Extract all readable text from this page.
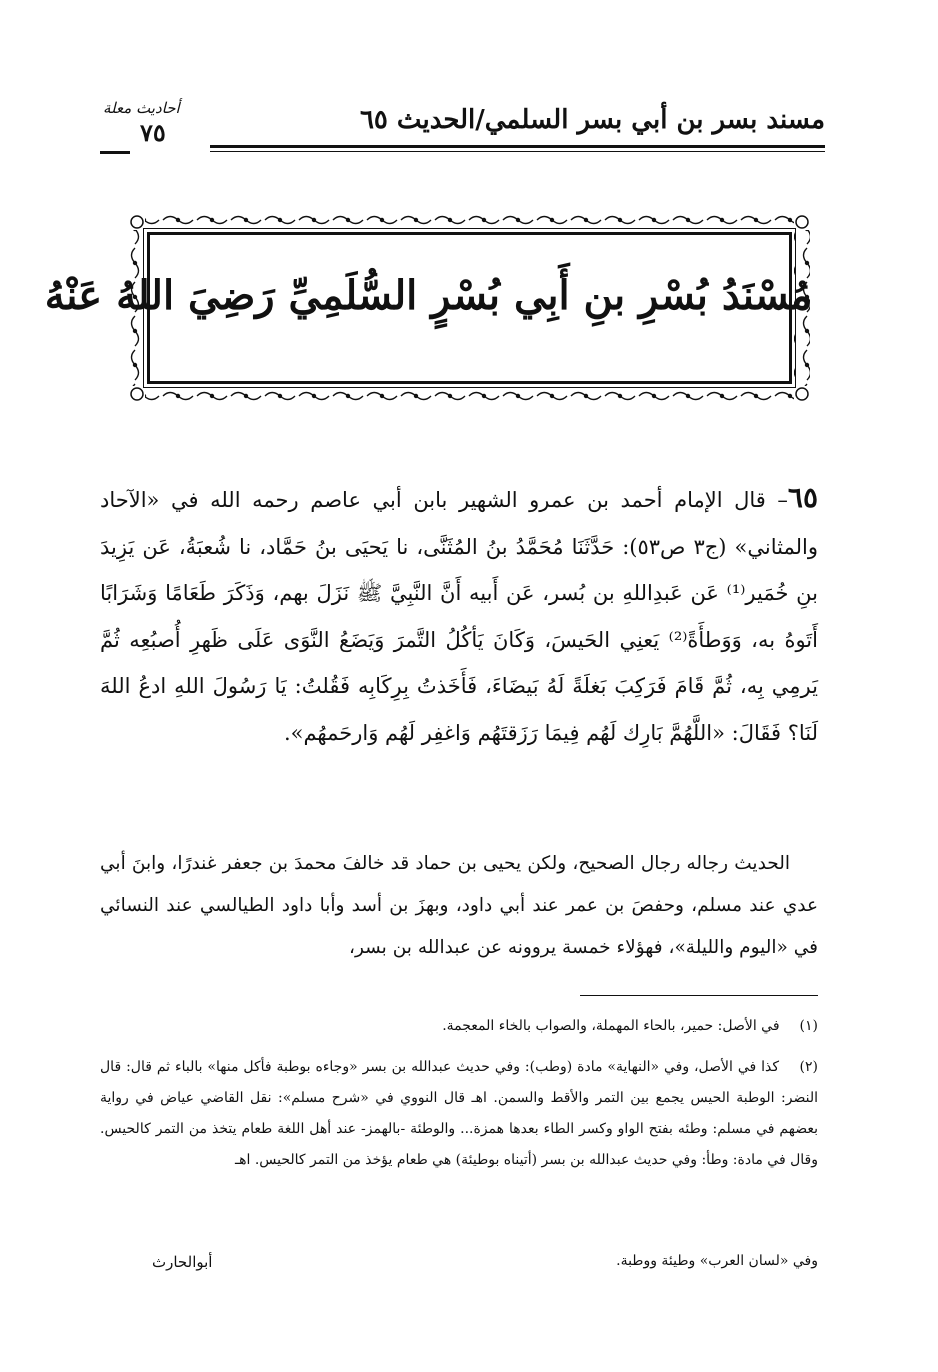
مسند بسر بن أبي بسر السلمي/الحديث ٦٥
أحاديث معلة
٧٥
مُسْنَدُ بُسْرِ بنِ أَبِي بُسْرٍ السُّلَمِيِّ رَضِيَ اللهُ عَنْهُ
٦٥– قال الإمام أحمد بن عمرو الشهير بابن أبي عاصم رحمه الله في «الآحاد والمثاني» (ج٣ ص٥٣): حَدَّثَنَا مُحَمَّدُ بنُ المُثَنَّى، نا يَحيَى بنُ حَمَّاد، نا شُعبَةُ، عَن يَزِيدَ بنِ خُمَير⁽¹⁾ عَن عَبدِاللهِ بن بُسر، عَن أَبيه أَنَّ النَّبِيَّ ﷺ نَزَلَ بهم، وَذَكَرَ طَعَامًا وَشَرَابًا أَتَوهُ به، وَوَطأَةً⁽²⁾ يَعنِي الحَيسَ، وَكَانَ يَأكُلُ التَّمرَ وَيَضَعُ النَّوَى عَلَى ظَهرِ أُصبُعِه ثُمَّ يَرمِي بِه، ثُمَّ قَامَ فَرَكِبَ بَغلَةً لَهُ بَيضَاءَ، فَأَخَذتُ بِرِكَابِه فَقُلتُ: يَا رَسُولَ اللهِ ادعُ اللهَ لَنَا؟ فَقَالَ: «اللَّهُمَّ بَارِك لَهُم فِيمَا رَزَقتَهُم وَاغفِر لَهُم وَارحَمهُم».
الحديث رجاله رجال الصحيح، ولكن يحيى بن حماد قد خالفَ محمدَ بن جعفر غندرًا، وابنَ أبي عدي عند مسلم، وحفصَ بن عمر عند أبي داود، وبهزَ بن أسد وأبا داود الطيالسي عند النسائي في «اليوم والليلة»، فهؤلاء خمسة يروونه عن عبدالله بن بسر،
(١) في الأصل: حمير، بالحاء المهملة، والصواب بالخاء المعجمة.
(٢) كذا في الأصل، وفي «النهاية» مادة (وطب): وفي حديث عبدالله بن بسر «وجاءه بوطبة فأكل منها» بالباء ثم قال: قال النضر: الوطبة الحيس يجمع بين التمر والأقط والسمن. اهـ قال النووي في «شرح مسلم»: نقل القاضي عياض في رواية بعضهم في مسلم: وطئه بفتح الواو وكسر الطاء بعدها همزة... والوطئة -بالهمز- عند أهل اللغة طعام يتخذ من التمر كالحيس. وقال في مادة: وطأ: وفي حديث عبدالله بن بسر (أتيناه بوطيئة) هي طعام يؤخذ من التمر كالحيس. اهـ
وفي «لسان العرب» وطيئة ووطبة.
أبوالحارث
